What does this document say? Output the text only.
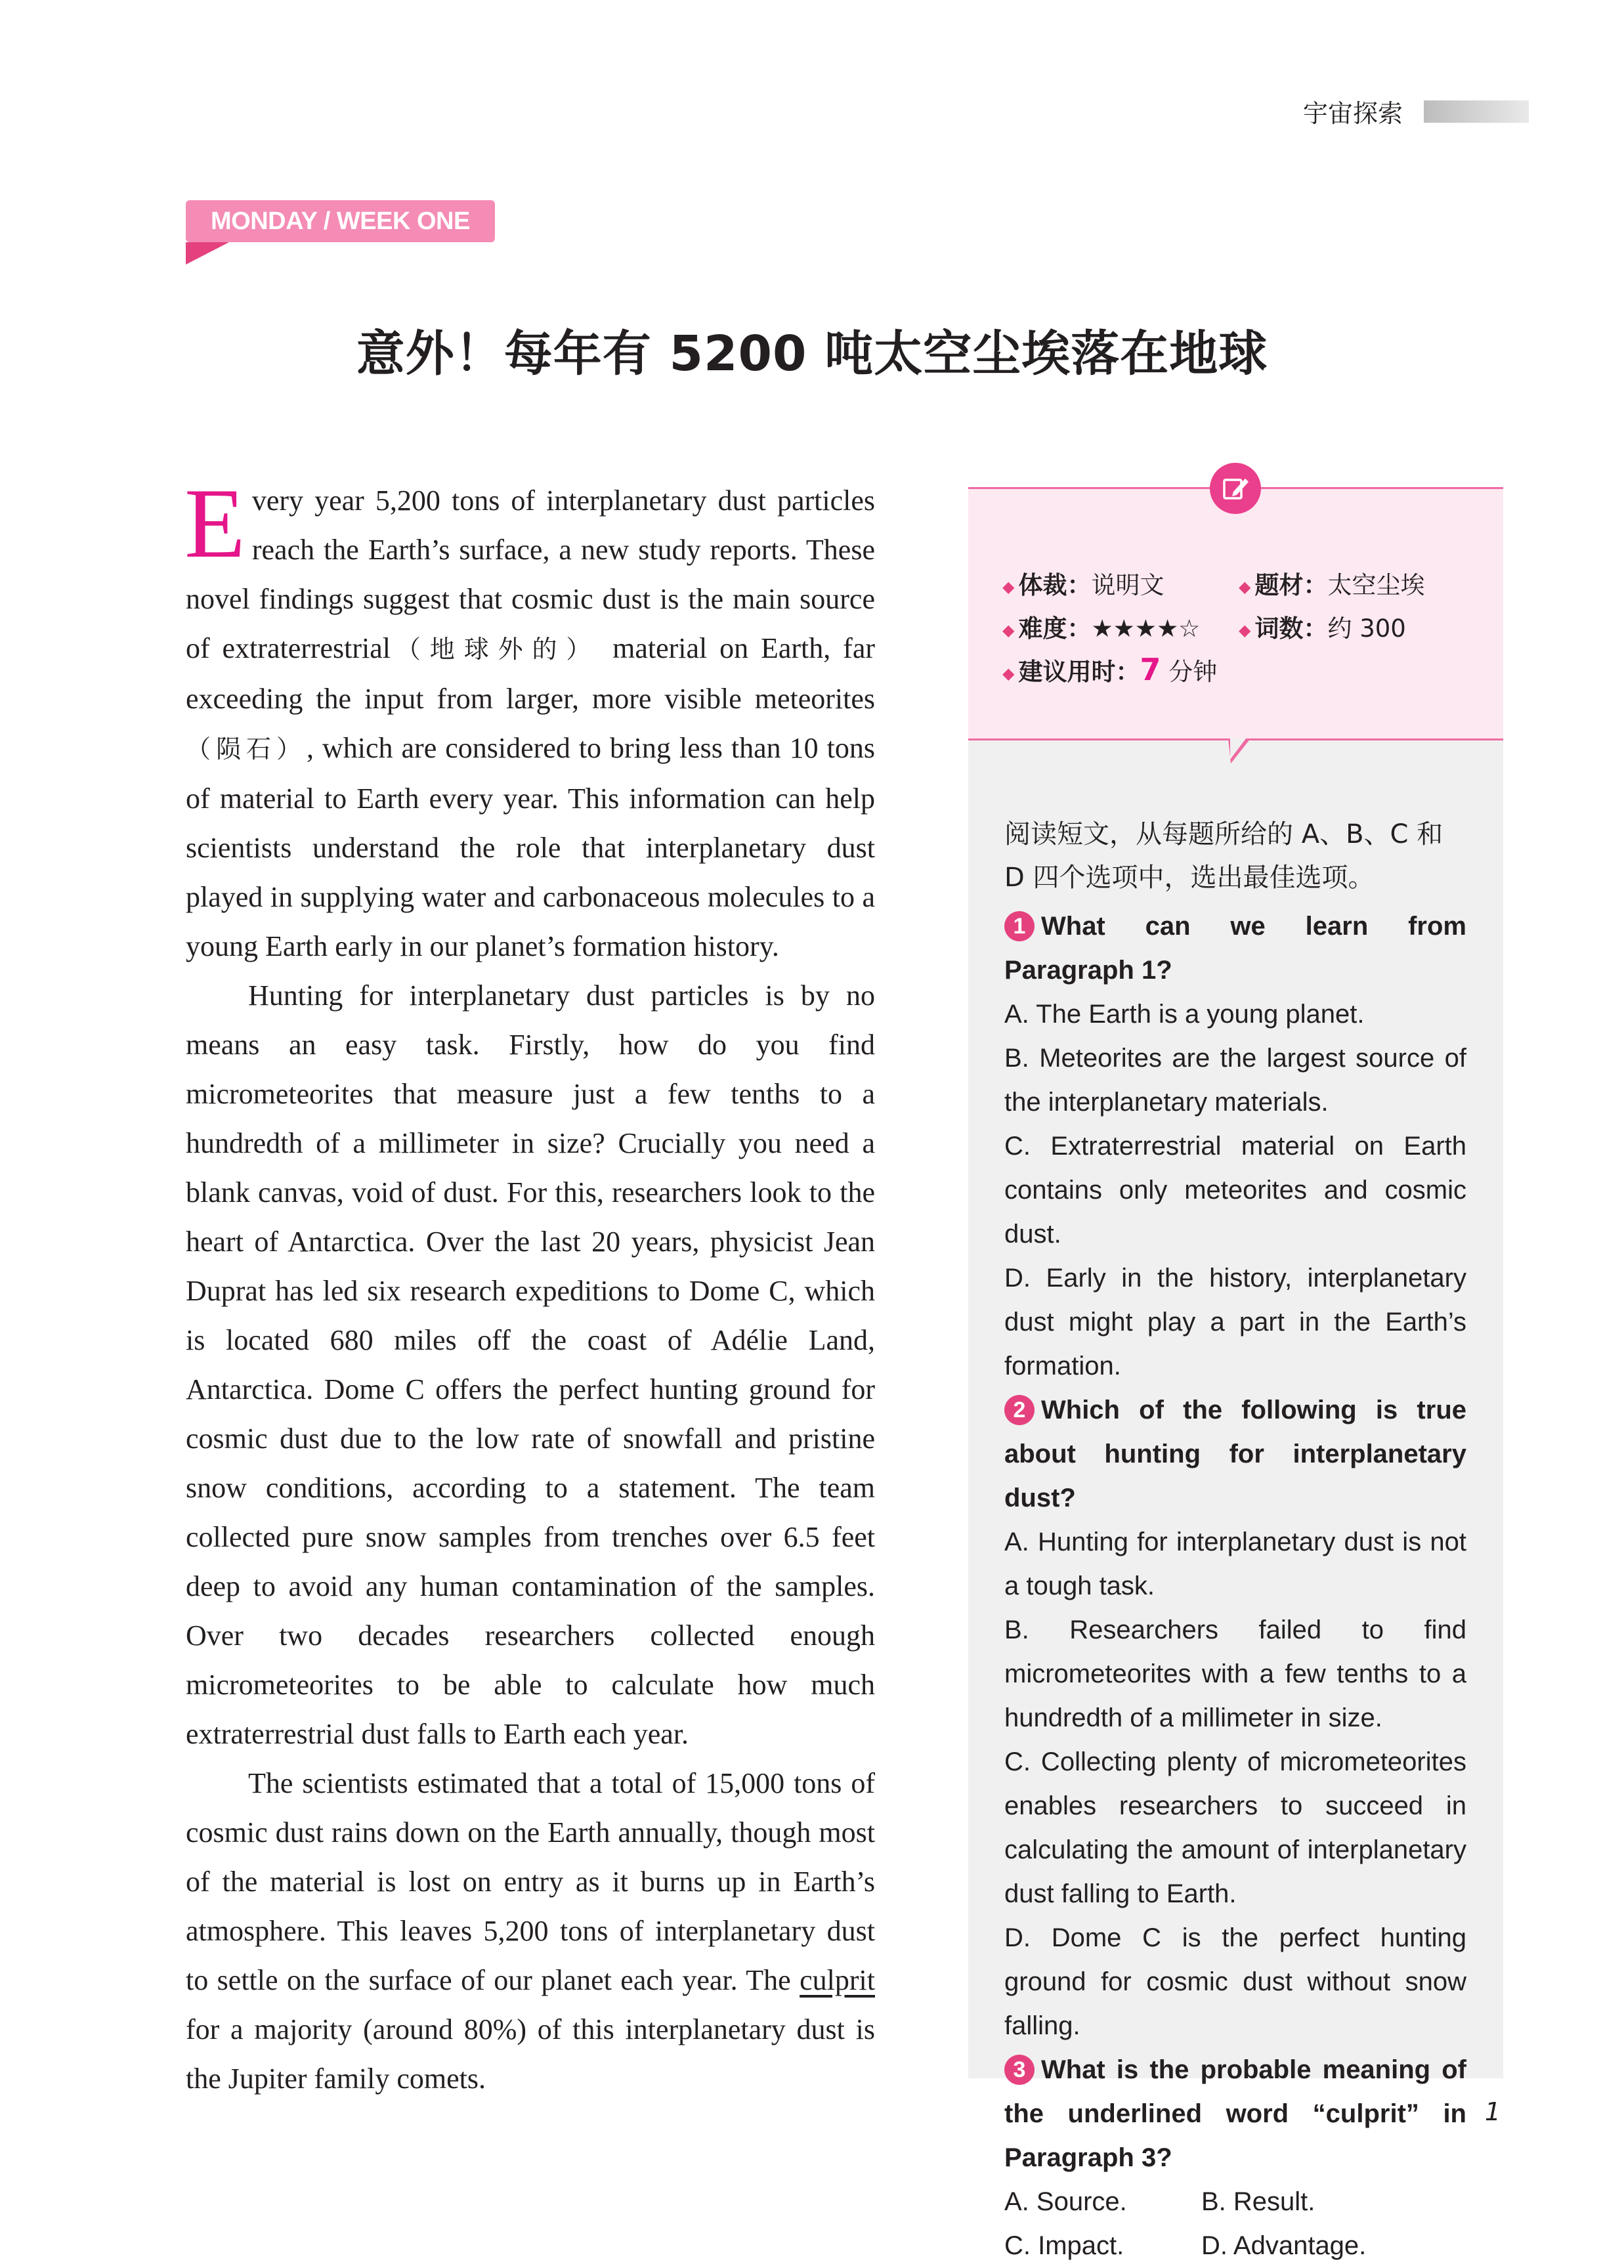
宇宙探索
MONDAY / WEEK ONE
意外！每年有 5200 吨太空尘埃落在地球

Every year 5,200 tons of interplanetary dust particles reach the Earth’s surface, a new study reports. These novel findings suggest that cosmic dust is the main source of extraterrestrial（地球外的） material on Earth, far exceeding the input from larger, more visible meteorites（陨石）, which are considered to bring less than 10 tons of material to Earth every year. This information can help scientists understand the role that interplanetary dust played in supplying water and carbonaceous molecules to a young Earth early in our planet’s formation history.

Hunting for interplanetary dust particles is by no means an easy task. Firstly, how do you find micrometeorites that measure just a few tenths to a hundredth of a millimeter in size? Crucially you need a blank canvas, void of dust. For this, researchers look to the heart of Antarctica. Over the last 20 years, physicist Jean Duprat has led six research expeditions to Dome C, which is located 680 miles off the coast of Adélie Land, Antarctica. Dome C offers the perfect hunting ground for cosmic dust due to the low rate of snowfall and pristine snow conditions, according to a statement. The team collected pure snow samples from trenches over 6.5 feet deep to avoid any human contamination of the samples. Over two decades researchers collected enough micrometeorites to be able to calculate how much extraterrestrial dust falls to Earth each year.

The scientists estimated that a total of 15,000 tons of cosmic dust rains down on the Earth annually, though most of the material is lost on entry as it burns up in Earth’s atmosphere. This leaves 5,200 tons of interplanetary dust to settle on the surface of our planet each year. The culprit for a majority (around 80%) of this interplanetary dust is the Jupiter family comets.

◆ 体裁：说明文	◆ 题材：太空尘埃
◆ 难度：★★★★☆	◆ 词数：约 300
◆ 建议用时：7 分钟
阅读短文，从每题所给的 A、B、C 和 D 四个选项中，选出最佳选项。
1 What can we learn from Paragraph 1?

A. The Earth is a young planet.

B. Meteorites are the largest source of the interplanetary materials.

C. Extraterrestrial material on Earth contains only meteorites and cosmic dust.

D. Early in the history, interplanetary dust might play a part in the Earth’s formation.

2 Which of the following is true about hunting for interplanetary dust?

A. Hunting for interplanetary dust is not a tough task.

B. Researchers failed to find micrometeorites with a few tenths to a hundredth of a millimeter in size.

C. Collecting plenty of micrometeorites enables researchers to succeed in calculating the amount of interplanetary dust falling to Earth.

D. Dome C is the perfect hunting ground for cosmic dust without snow falling.

3 What is the probable meaning of the underlined word “culprit” in Paragraph 3?
A. Source.	B. Result.
C. Impact.	D. Advantage.
1
